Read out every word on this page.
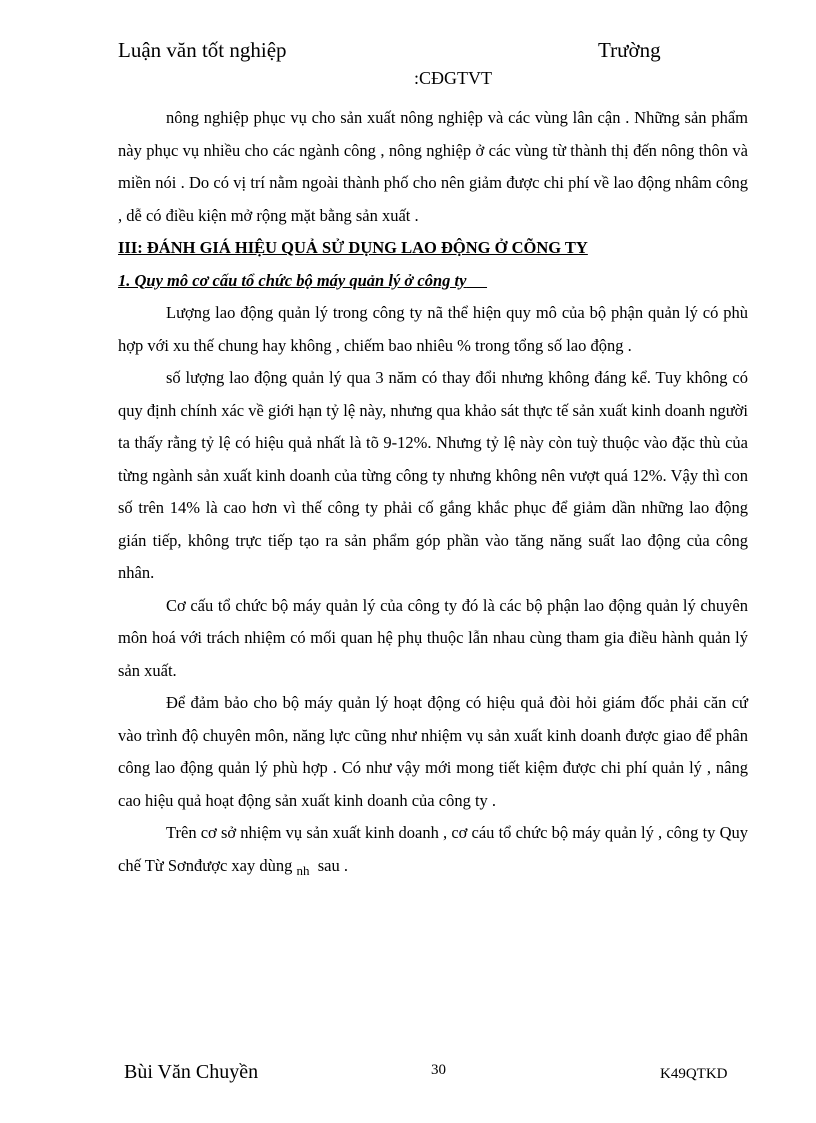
Luận văn tốt nghiệp	Trường
:CĐGTVT

nông nghiệp phục vụ cho sản xuất nông nghiệp và các vùng lân cận . Những sản phẩm này phục vụ nhiều cho các ngành công , nông nghiệp ở các vùng từ thành thị đến nông thôn và miền nói . Do có vị trí nằm ngoài thành phố cho nên giảm được chi phí về lao động nhâm công , dễ có điều kiện mở rộng mặt bằng sản xuất .

III: ĐÁNH GIÁ HIỆU QUẢ SỬ DỤNG LAO ĐỘNG Ở CÕNG TY

1. Quy mô cơ cấu tổ chức bộ máy quản lý ở công ty

Lượng lao động quản lý trong công ty nã thể hiện quy mô của bộ phận quản lý có phù hợp với xu thế chung hay không , chiếm bao nhiêu % trong tổng số lao động .

số lượng lao động quản lý qua 3 năm có thay đổi nhưng không đáng kể. Tuy không có quy định chính xác về giới hạn tỷ lệ này, nhưng qua khảo sát thực tế sản xuất kinh doanh người ta thấy rằng tỷ lệ có hiệu quả nhất là tõ 9-12%. Nhưng tỷ lệ này còn tuỳ thuộc vào đặc thù của từng ngành sản xuất kinh doanh của từng công ty nhưng không nên vượt quá 12%. Vậy thì con số trên 14% là cao hơn vì thế công ty phải cố gắng khắc phục để giảm dần những lao động gián tiếp, không trực tiếp tạo ra sản phẩm góp phần vào tăng năng suất lao động của công nhân.

Cơ cấu tổ chức bộ máy quản lý của công ty đó là các bộ phận lao động quản lý chuyên môn hoá với trách nhiệm có mối quan hệ phụ thuộc lẫn nhau cùng tham gia điều hành quản lý sản xuất.

Để đảm bảo cho bộ máy quản lý hoạt động có hiệu quả đòi hỏi giám đốc phải căn cứ vào trình độ chuyên môn, năng lực cũng như nhiệm vụ sản xuất kinh doanh được giao để phân công lao động quản lý phù hợp . Có như vậy mới mong tiết kiệm được chi phí quản lý , nâng cao hiệu quả hoạt động sản xuất kinh doanh của công ty .

Trên cơ sở nhiệm vụ sản xuất kinh doanh , cơ cáu tổ chức bộ máy quản lý , công ty Quy chế Từ Sơnđược xay dùng $_{nh}$ sau .

Bùi Văn Chuyền	30	K49QTKD
